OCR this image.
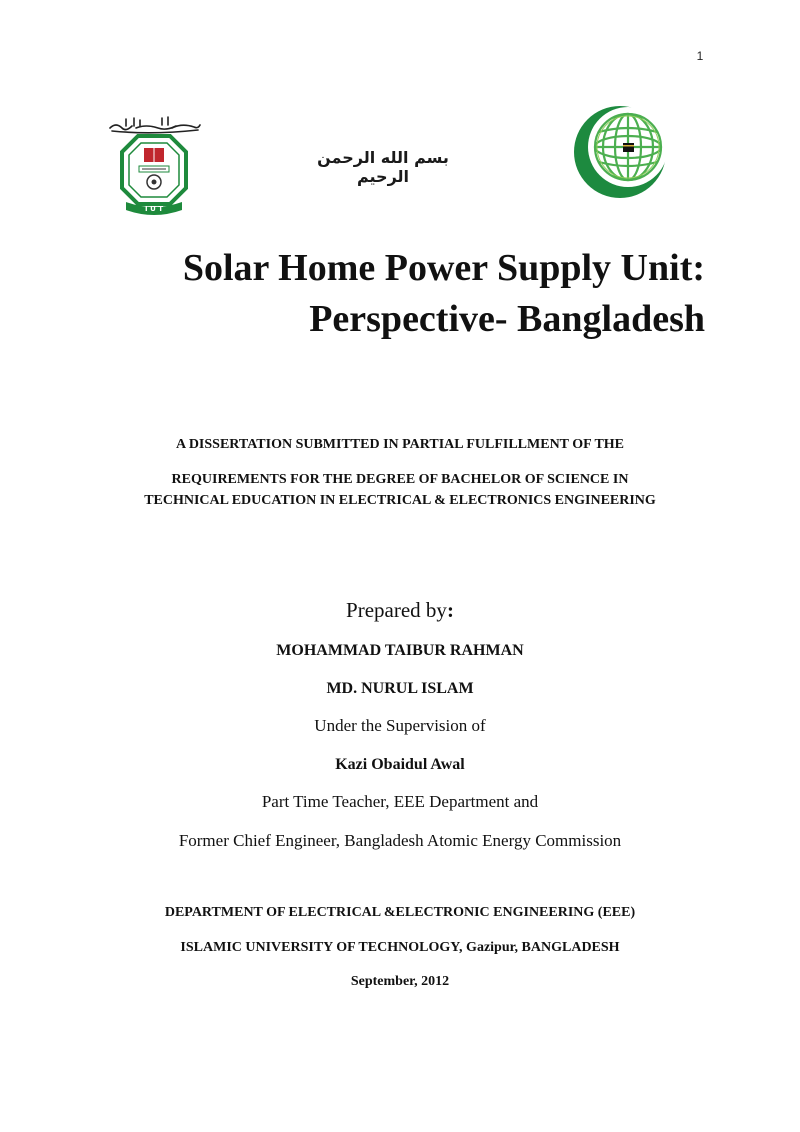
1
I U T
بسم الله الرحمن الرحيم
Solar Home Power Supply Unit:
Perspective- Bangladesh
A DISSERTATION SUBMITTED IN PARTIAL FULFILLMENT OF THE
REQUIREMENTS FOR THE DEGREE OF BACHELOR OF SCIENCE IN
TECHNICAL EDUCATION IN ELECTRICAL & ELECTRONICS ENGINEERING
Prepared by:
MOHAMMAD TAIBUR RAHMAN
MD. NURUL ISLAM
Under the Supervision of
Kazi Obaidul Awal
Part Time Teacher, EEE Department and
Former Chief Engineer, Bangladesh Atomic Energy Commission
DEPARTMENT OF ELECTRICAL &ELECTRONIC ENGINEERING (EEE)
ISLAMIC UNIVERSITY OF TECHNOLOGY, Gazipur, BANGLADESH
September, 2012
